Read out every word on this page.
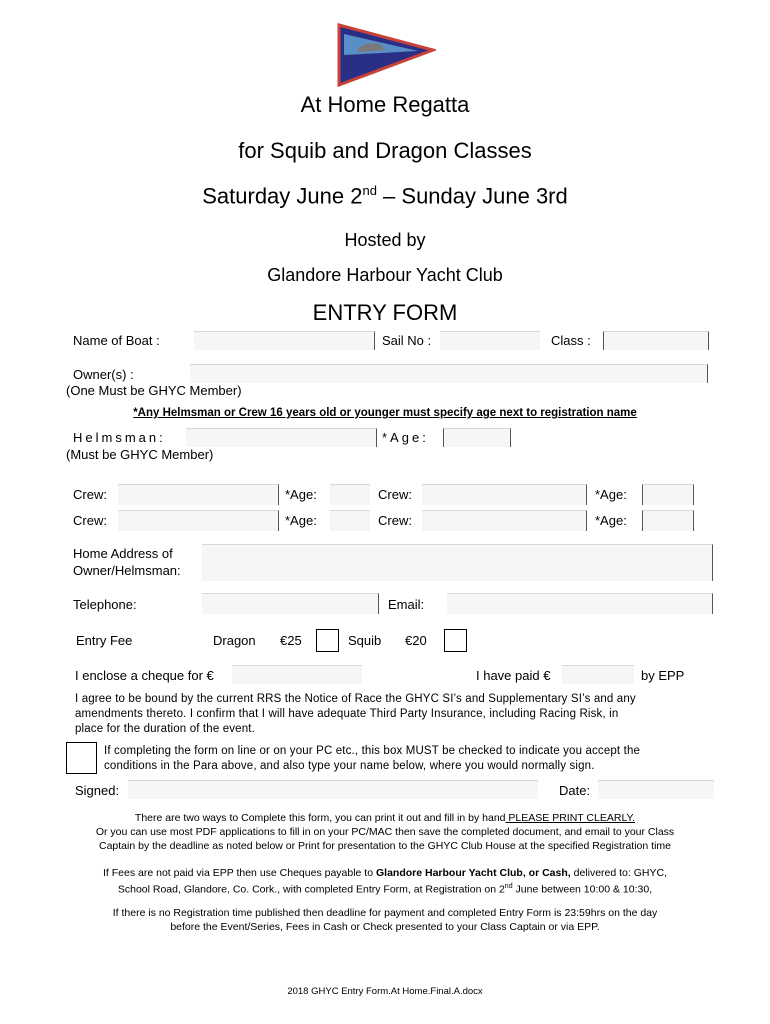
At Home Regatta
for Squib and Dragon Classes
Saturday June 2nd – Sunday June 3rd
Hosted by
Glandore Harbour Yacht Club
ENTRY FORM
Name of Boat :	Sail No :	Class :
Owner(s) :
(One Must be GHYC Member)
*Any Helmsman or Crew 16 years old or younger must specify age next to registration name
Helmsman:	*Age:
(Must be GHYC Member)
Crew:	*Age:	Crew:	*Age:
Crew:	*Age:	Crew:	*Age:
Home Address of
Owner/Helmsman:
Telephone:	Email:
Entry Fee	Dragon €25	Squib €20
I enclose a cheque for €	I have paid €	by EPP
I agree to be bound by the current RRS the Notice of Race the GHYC SI’s and Supplementary SI’s and any
amendments thereto. I confirm that I will have adequate Third Party Insurance, including Racing Risk, in
place for the duration of the event.
If completing the form on line or on your PC etc., this box MUST be checked to indicate you accept the
conditions in the Para above, and also type your name below, where you would normally sign.
Signed:	Date:
There are two ways to Complete this form, you can print it out and fill in by hand PLEASE PRINT CLEARLY.
Or you can use most PDF applications to fill in on your PC/MAC then save the completed document, and email to your Class
Captain by the deadline as noted below or Print for presentation to the GHYC Club House at the specified Registration time
If Fees are not paid via EPP then use Cheques payable to Glandore Harbour Yacht Club, or Cash, delivered to: GHYC,
School Road, Glandore, Co. Cork., with completed Entry Form, at Registration on 2nd June between 10:00 & 10:30,
If there is no Registration time published then deadline for payment and completed Entry Form is 23:59hrs on the day
before the Event/Series, Fees in Cash or Check presented to your Class Captain or via EPP.
2018 GHYC Entry Form.At Home.Final.A.docx
